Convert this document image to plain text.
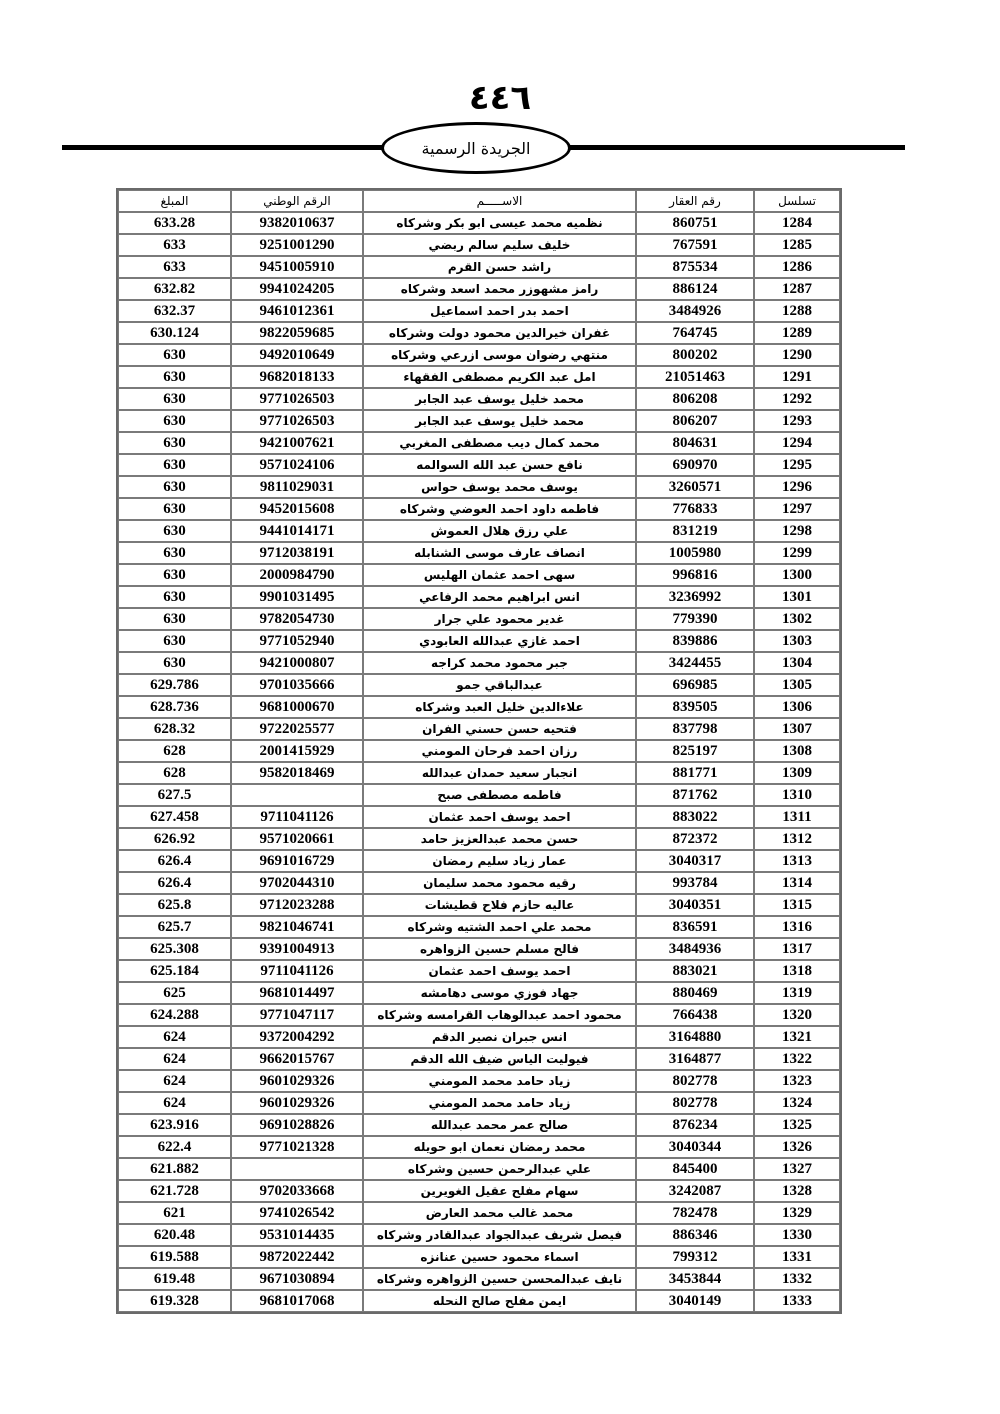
٤٤٦
الجريدة الرسمية
المبلغ	الرقم الوطني	الاســـــم	رقم العقار	تسلسل
633.28	9382010637	نظميه محمد عيسى ابو بكر وشركاه	860751	1284
633	9251001290	خليف سليم سالم ربضي	767591	1285
633	9451005910	راشد حسن القرم	875534	1286
632.82	9941024205	رامز مشهوزر محمد اسعد وشركاه	886124	1287
632.37	9461012361	احمد بدر احمد اسماعيل	3484926	1288
630.124	9822059685	غفران خيرالدين محمود دولت وشركاه	764745	1289
630	9492010649	منتهي رضوان موسى ازرعي وشركاه	800202	1290
630	9682018133	امل عبد الكريم مصطفى الفقهاء	21051463	1291
630	9771026503	محمد خليل يوسف عبد الجابر	806208	1292
630	9771026503	محمد خليل يوسف عبد الجابر	806207	1293
630	9421007621	محمد كمال ديب مصطفى المغربي	804631	1294
630	9571024106	نافع حسن عبد الله السوالمه	690970	1295
630	9811029031	يوسف محمد يوسف حواس	3260571	1296
630	9452015608	فاطمه داود احمد العوضي وشركاه	776833	1297
630	9441014171	علي رزق هلال العموش	831219	1298
630	9712038191	انصاف عارف موسى الشنابله	1005980	1299
630	2000984790	سهى احمد عثمان الهليس	996816	1300
630	9901031495	انس ابراهيم محمد الرفاعي	3236992	1301
630	9782054730	غدير محمود علي جرار	779390	1302
630	9771052940	احمد غازي عبدالله العابودي	839886	1303
630	9421000807	جبر محمود محمد كراجه	3424455	1304
629.786	9701035666	عبدالباقي جمو	696985	1305
628.736	9681000670	علاءالدين خليل العبد وشركاه	839505	1306
628.32	9722025577	فتحيه حسن حسني الفران	837798	1307
628	2001415929	رزان احمد فرحان المومني	825197	1308
628	9582018469	انجبار سعيد حمدان عبدالله	881771	1309
627.5		فاطمه مصطفى صبح	871762	1310
627.458	9711041126	احمد يوسف احمد عثمان	883022	1311
626.92	9571020661	حسن محمد عبدالعزيز حامد	872372	1312
626.4	9691016729	عمار زياد سليم رمضان	3040317	1313
626.4	9702044310	رقيه محمود محمد سليمان	993784	1314
625.8	9712023288	عاليه حازم فلاح قطيشات	3040351	1315
625.7	9821046741	محمد علي احمد الشتيه وشركاه	836591	1316
625.308	9391004913	فالح مسلم حسين الزواهره	3484936	1317
625.184	9711041126	احمد يوسف احمد عثمان	883021	1318
625	9681014497	جهاد فوزي موسى دهامشه	880469	1319
624.288	9771047117	محمود احمد عبدالوهاب القرامسه وشركاه	766438	1320
624	9372004292	انس جبران نصير الدقم	3164880	1321
624	9662015767	فيوليت الياس ضيف الله الدقم	3164877	1322
624	9601029326	زياد حامد محمد المومني	802778	1323
624	9601029326	زياد حامد محمد المومني	802778	1324
623.916	9691028826	صالح عمر محمد عبدالله	876234	1325
622.4	9771021328	محمد رمضان نعمان ابو حويله	3040344	1326
621.882		علي عبدالرحمن حسين وشركاه	845400	1327
621.728	9702033668	سهام مفلح عقيل الغويرين	3242087	1328
621	9741026542	محمد غالب محمد العارض	782478	1329
620.48	9531014435	فيصل شريف عبدالجواد عبدالقادر وشركاه	886346	1330
619.588	9872022442	اسماء محمود حسين عنانزه	799312	1331
619.48	9671030894	نايف عبدالمحسن حسين الزواهره وشركاه	3453844	1332
619.328	9681017068	ايمن مفلح صالح النحله	3040149	1333
